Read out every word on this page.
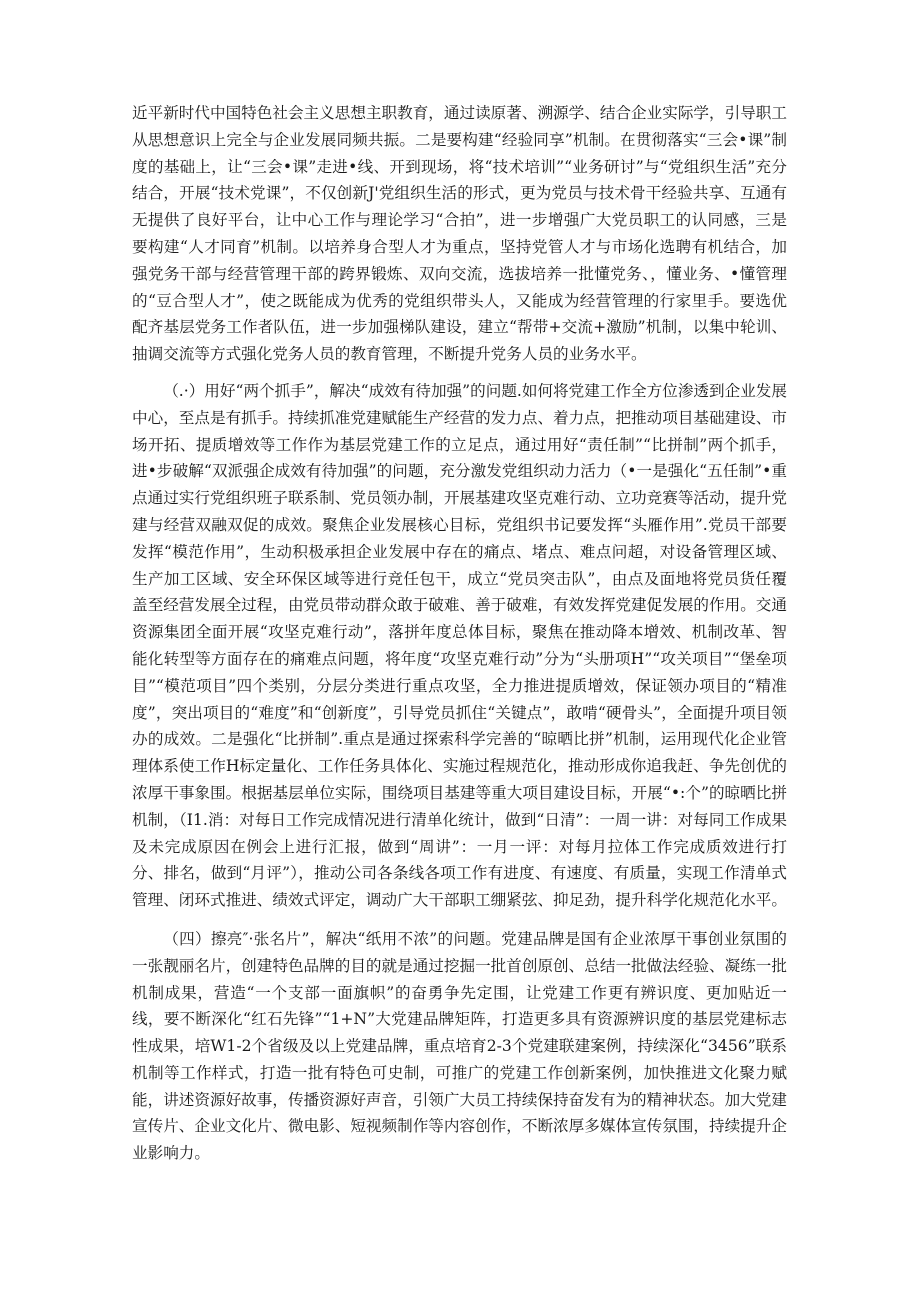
近平新时代中国特色社会主义思想主职教育，通过读原著、溯源学、结合企业实际学，引导职工从思想意识上完全与企业发展同频共振。二是要构建“经验同享”机制。在贯彻落实“三会•课”制度的基础上，让“三会•课”走进•线、开到现场，将“技术培训”“业务研讨”与“党组织生活”充分结合，开展“技术党课”，不仅创新J'党组织生活的形式，更为党员与技术骨干经验共享、互通有无提供了良好平台，让中心工作与理论学习“合拍”，进一步增强广大党员职工的认同感，三是要构建“人才同育”机制。以培养身合型人才为重点，坚持党管人才与市场化选聘有机结合，加强党务干部与经营管理干部的跨界锻炼、双向交流，选拔培养一批懂党务、，懂业务、•懂管理的“豆合型人才”，使之既能成为优秀的党组织带头人，又能成为经营管理的行家里手。要选优配齐基层党务工作者队伍，进一步加强梯队建设，建立“帮带+交流+激励”机制，以集中轮训、抽调交流等方式强化党务人员的教育管理，不断提升党务人员的业务水平。

（.·）用好“两个抓手”，解决“成效有待加强”的问题.如何将党建工作全方位渗透到企业发展中心，至点是有抓手。持续抓准党建赋能生产经营的发力点、着力点，把推动项目基础建设、市场开拓、提质增效等工作作为基层党建工作的立足点，通过用好“责任制”“比拼制”两个抓手，进•步破解“双派强企成效有待加强”的问题，充分激发党组织动力活力（•一是强化“五任制”•重点通过实行党组织班子联系制、党员领办制，开展基建攻坚克难行动、立功竞赛等活动，提升党建与经营双融双促的成效。聚焦企业发展核心目标，党组织书记要发挥“头雁作用”.党员干部要发挥“模范作用”，生动积极承担企业发展中存在的痛点、堵点、难点问超，对设备管理区域、生产加工区域、安全环保区域等进行竞任包干，成立“党员突击队”，由点及面地将党员货任覆盖至经营发展全过程，由党员带动群众敢于破难、善于破难，有效发挥党建促发展的作用。交通资源集团全面开展“攻坚克难行动”，落拼年度总体目标，聚焦在推动降本增效、机制改革、智能化转型等方面存在的痛难点问题，将年度“攻坚克难行动”分为“头册项H”“攻关项目”“堡垒项目”“模范项目”四个类别，分层分类进行重点攻坚，全力推进提质增效，保证领办项目的“精准度”，突出项目的“难度”和“创新度”，引导党员抓住“关键点”，敢啃“硬骨头”，全面提升项目领办的成效。二是强化“比拼制”.重点是通过探索科学完善的“晾晒比拼”机制，运用现代化企业管理体系使工作H标定量化、工作任务具体化、实施过程规范化，推动形成你追我赶、争先创优的浓厚干事象围。根据基层单位实际，围绕项目基建等重大项目建设目标，开展“•:个”的晾晒比拼机制，（I1.消：对每日工作完成情况进行清单化统计，做到“日清”：一周一讲：对每同工作成果及未完成原因在例会上进行汇报，做到“周讲”：一月一评：对每月拉体工作完成质效进行打分、排名，做到“月评”），推动公司各条线各项工作有进度、有速度、有质量，实现工作清单式管理、闭环式推进、绩效式评定，调动广大干部职工绷紧弦、抑足劲，提升科学化规范化水平。

（四）擦亮″·张名片”，解决“纸用不浓”的问题。党建品牌是国有企业浓厚干事创业氛围的一张靓丽名片，创建特色品牌的目的就是通过挖掘一批首创原创、总结一批做法经验、凝练一批机制成果，营造“一个支部一面旗帜”的奋勇争先定围，让党建工作更有辨识度、更加贴近一线，要不断深化“红石先锋”“1+N”大党建品牌矩阵，打造更多具有资源辨识度的基层党建标志性成果，培W1-2个省级及以上党建品牌，重点培育2-3个党建联建案例，持续深化“3456”联系机制等工作样式，打造一批有特色可史制，可推广的党建工作创新案例，加快推进文化聚力赋能，讲述资源好故事，传播资源好声音，引领广大员工持续保持奋发有为的精神状态。加大党建宣传片、企业文化片、微电影、短视频制作等内容创作，不断浓厚多媒体宣传氛围，持续提升企业影响力。
